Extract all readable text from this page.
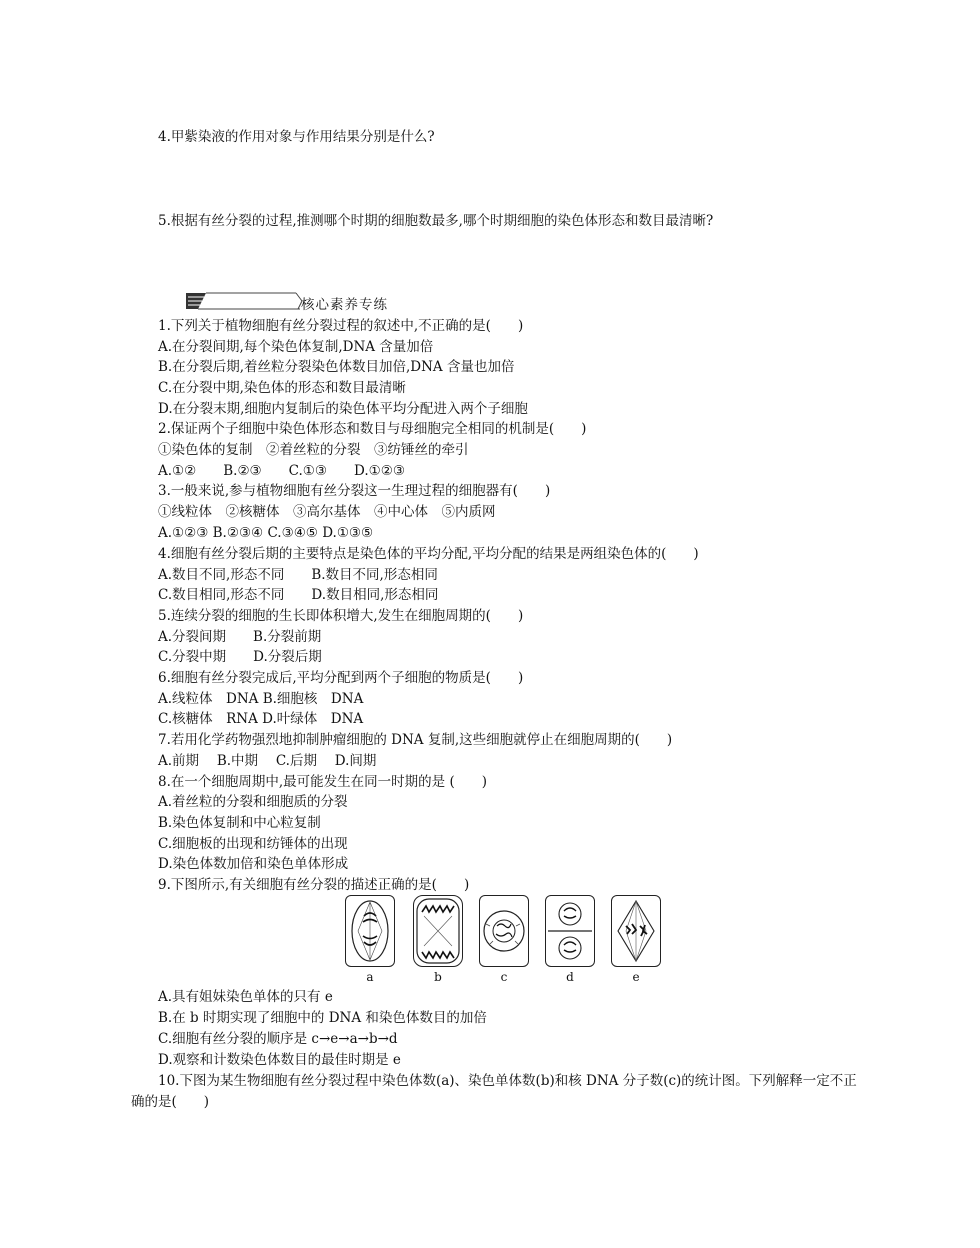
4.甲紫染液的作用对象与作用结果分别是什么?
5.根据有丝分裂的过程,推测哪个时期的细胞数最多,哪个时期细胞的染色体形态和数目最清晰?
核心素养专练
1.下列关于植物细胞有丝分裂过程的叙述中,不正确的是(　　)
A.在分裂间期,每个染色体复制,DNA 含量加倍
B.在分裂后期,着丝粒分裂染色体数目加倍,DNA 含量也加倍
C.在分裂中期,染色体的形态和数目最清晰
D.在分裂末期,细胞内复制后的染色体平均分配进入两个子细胞
2.保证两个子细胞中染色体形态和数目与母细胞完全相同的机制是(　　)
①染色体的复制　②着丝粒的分裂　③纺锤丝的牵引
A.①②　　B.②③　　C.①③　　D.①②③
3.一般来说,参与植物细胞有丝分裂这一生理过程的细胞器有(　　)
①线粒体　②核糖体　③高尔基体　④中心体　⑤内质网
A.①②③ B.②③④ C.③④⑤ D.①③⑤
4.细胞有丝分裂后期的主要特点是染色体的平均分配,平均分配的结果是两组染色体的(　　)
A.数目不同,形态不同　　B.数目不同,形态相同
C.数目相同,形态不同　　D.数目相同,形态相同
5.连续分裂的细胞的生长即体积增大,发生在细胞周期的(　　)
A.分裂间期　　B.分裂前期
C.分裂中期　　D.分裂后期
6.细胞有丝分裂完成后,平均分配到两个子细胞的物质是(　　)
A.线粒体　DNA B.细胞核　DNA
C.核糖体　RNA D.叶绿体　DNA
7.若用化学药物强烈地抑制肿瘤细胞的 DNA 复制,这些细胞就停止在细胞周期的(　　)
A.前期　 B.中期　 C.后期　 D.间期
8.在一个细胞周期中,最可能发生在同一时期的是 (　　)
A.着丝粒的分裂和细胞质的分裂
B.染色体复制和中心粒复制
C.细胞板的出现和纺锤体的出现
D.染色体数加倍和染色单体形成
9.下图所示,有关细胞有丝分裂的描述正确的是(　　)
a	b	c	d	e
A.具有姐妹染色单体的只有 e
B.在 b 时期实现了细胞中的 DNA 和染色体数目的加倍
C.细胞有丝分裂的顺序是 c→e→a→b→d
D.观察和计数染色体数目的最佳时期是 e
10.下图为某生物细胞有丝分裂过程中染色体数(a)、染色单体数(b)和核 DNA 分子数(c)的统计图。下列解释一定不正
确的是(　　)
